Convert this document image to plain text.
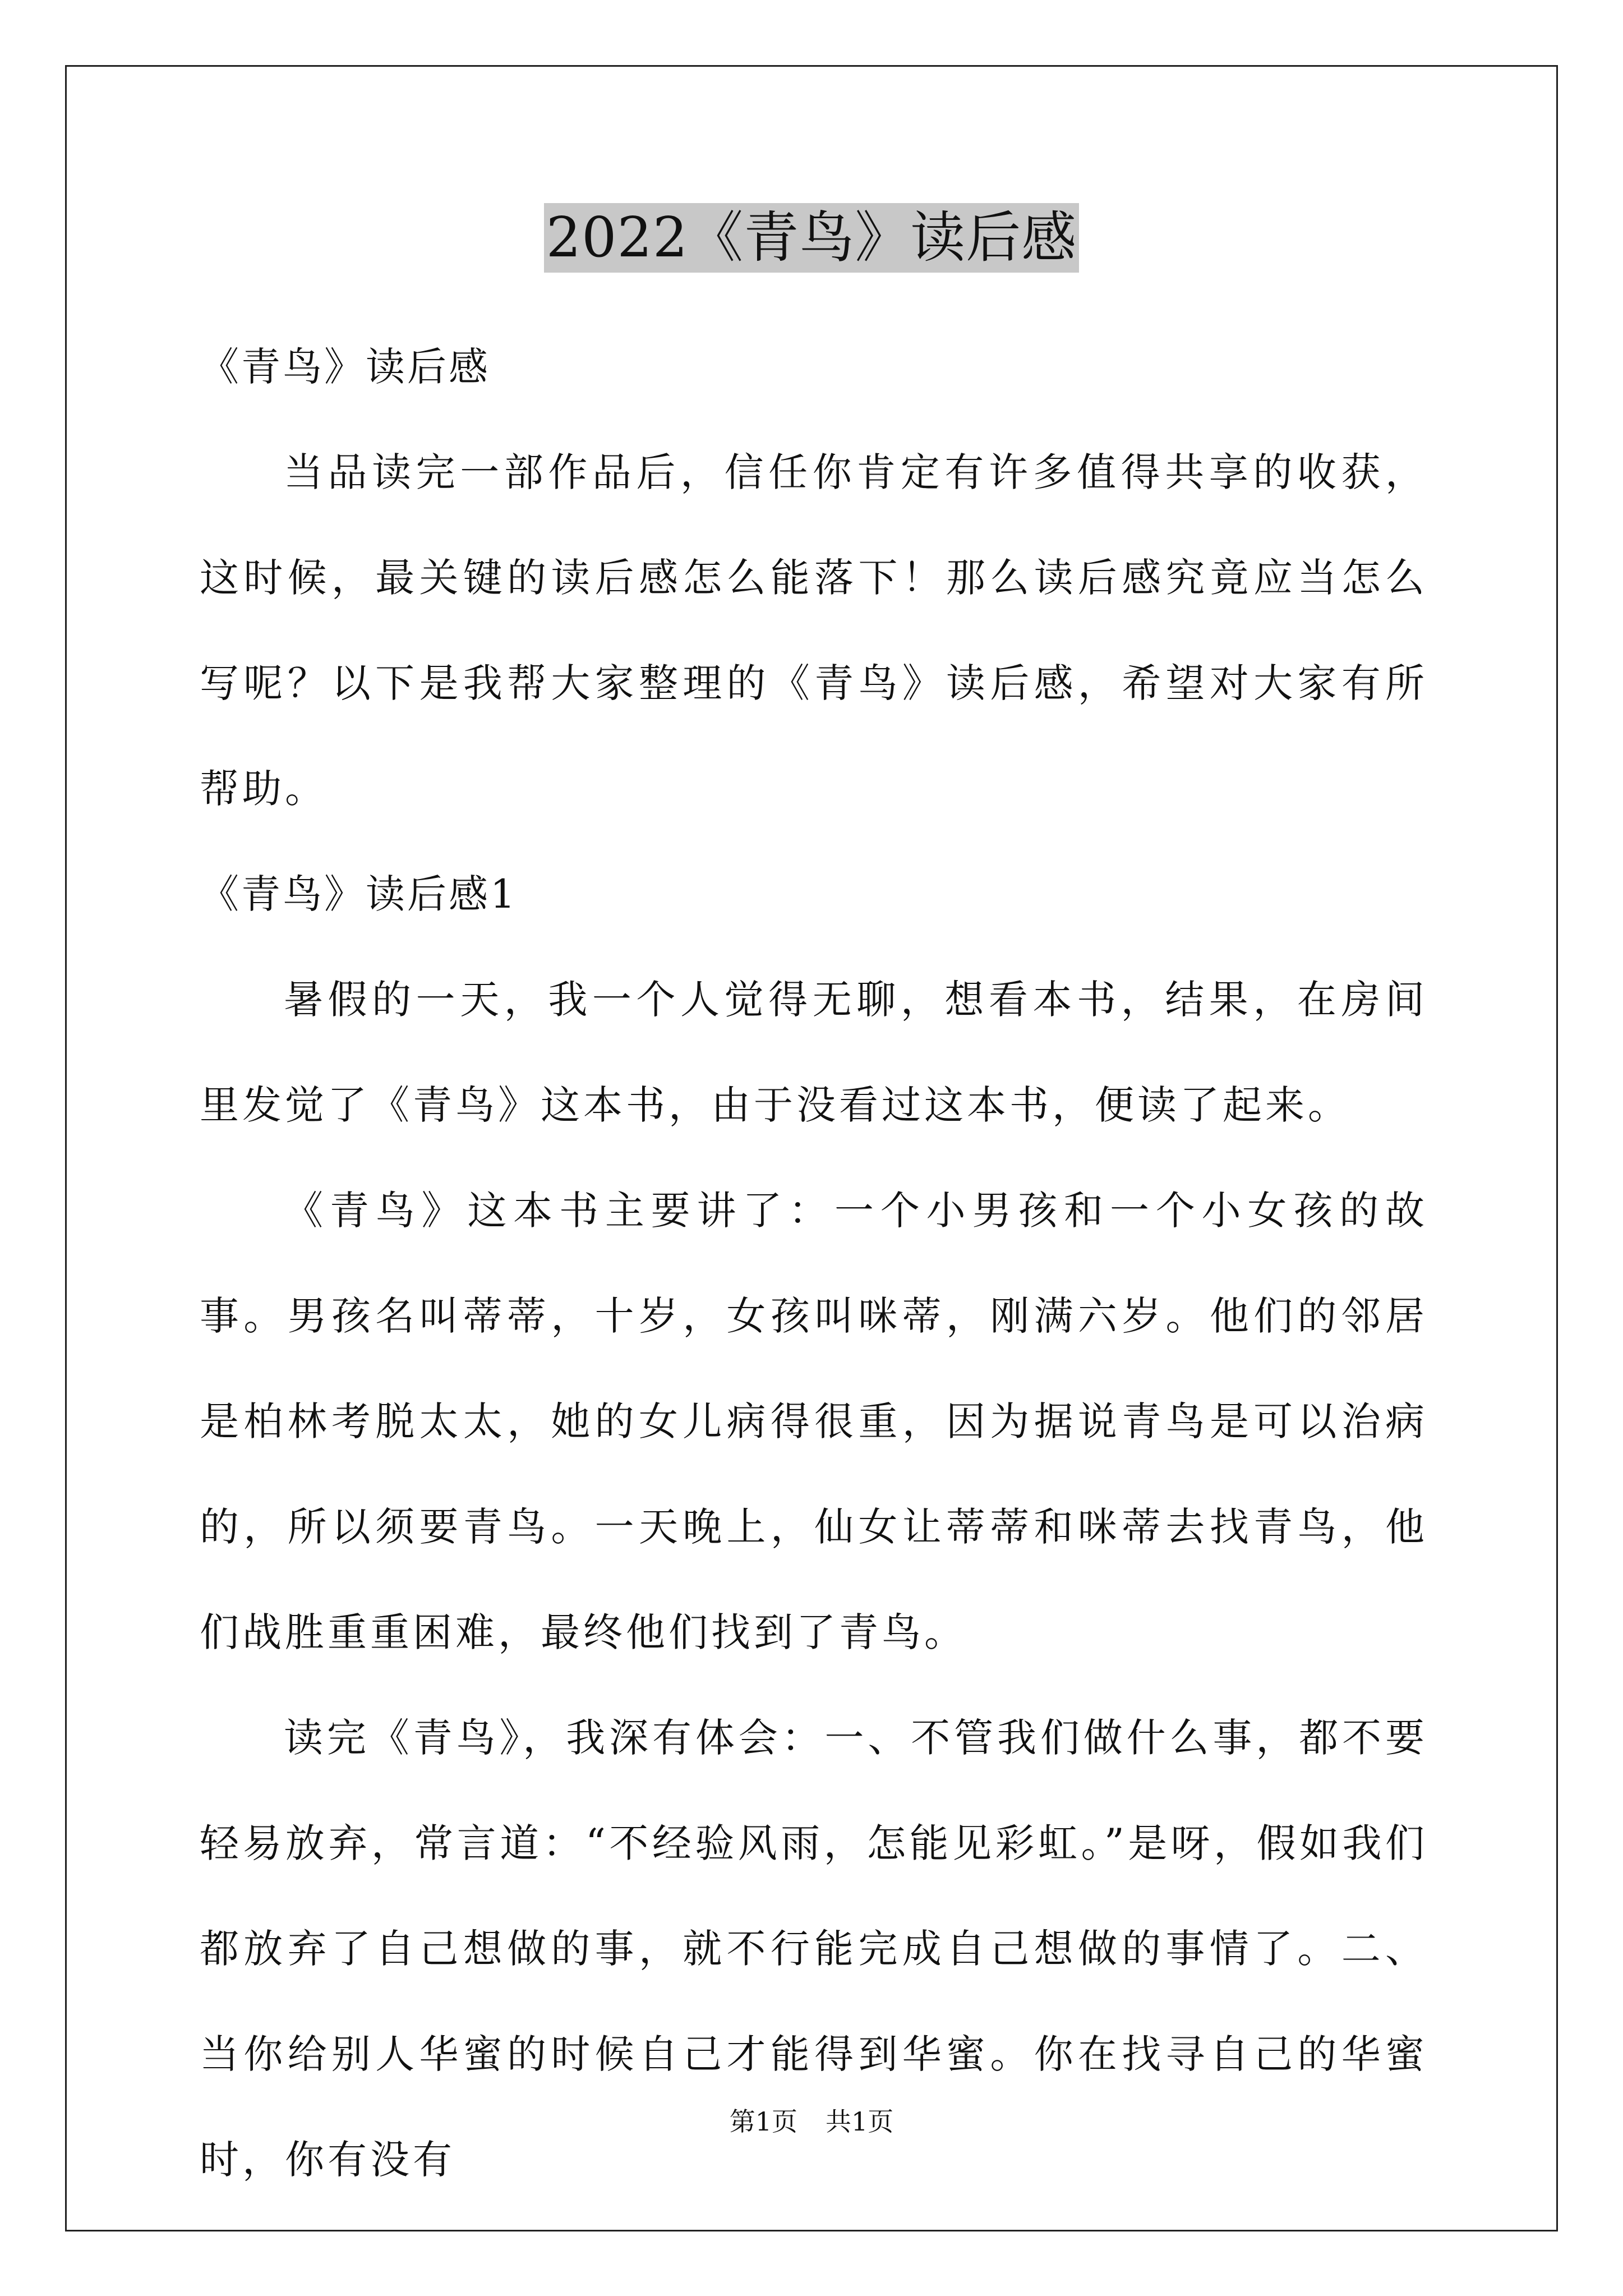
2022《青鸟》读后感

《青鸟》读后感

当品读完一部作品后，信任你肯定有许多值得共享的收获，这时候，最关键的读后感怎么能落下！那么读后感究竟应当怎么写呢？以下是我帮大家整理的《青鸟》读后感，希望对大家有所帮助。

《青鸟》读后感1

暑假的一天，我一个人觉得无聊，想看本书，结果，在房间里发觉了《青鸟》这本书，由于没看过这本书，便读了起来。

《青鸟》这本书主要讲了：一个小男孩和一个小女孩的故事。男孩名叫蒂蒂，十岁，女孩叫咪蒂，刚满六岁。他们的邻居是柏林考脱太太，她的女儿病得很重，因为据说青鸟是可以治病的，所以须要青鸟。一天晚上，仙女让蒂蒂和咪蒂去找青鸟，他们战胜重重困难，最终他们找到了青鸟。

读完《青鸟》，我深有体会：一、不管我们做什么事，都不要轻易放弃，常言道：“不经验风雨，怎能见彩虹。”是呀，假如我们都放弃了自己想做的事，就不行能完成自己想做的事情了。二、当你给别人华蜜的时候自己才能得到华蜜。你在找寻自己的华蜜时，你有没有

第1页 共1页
